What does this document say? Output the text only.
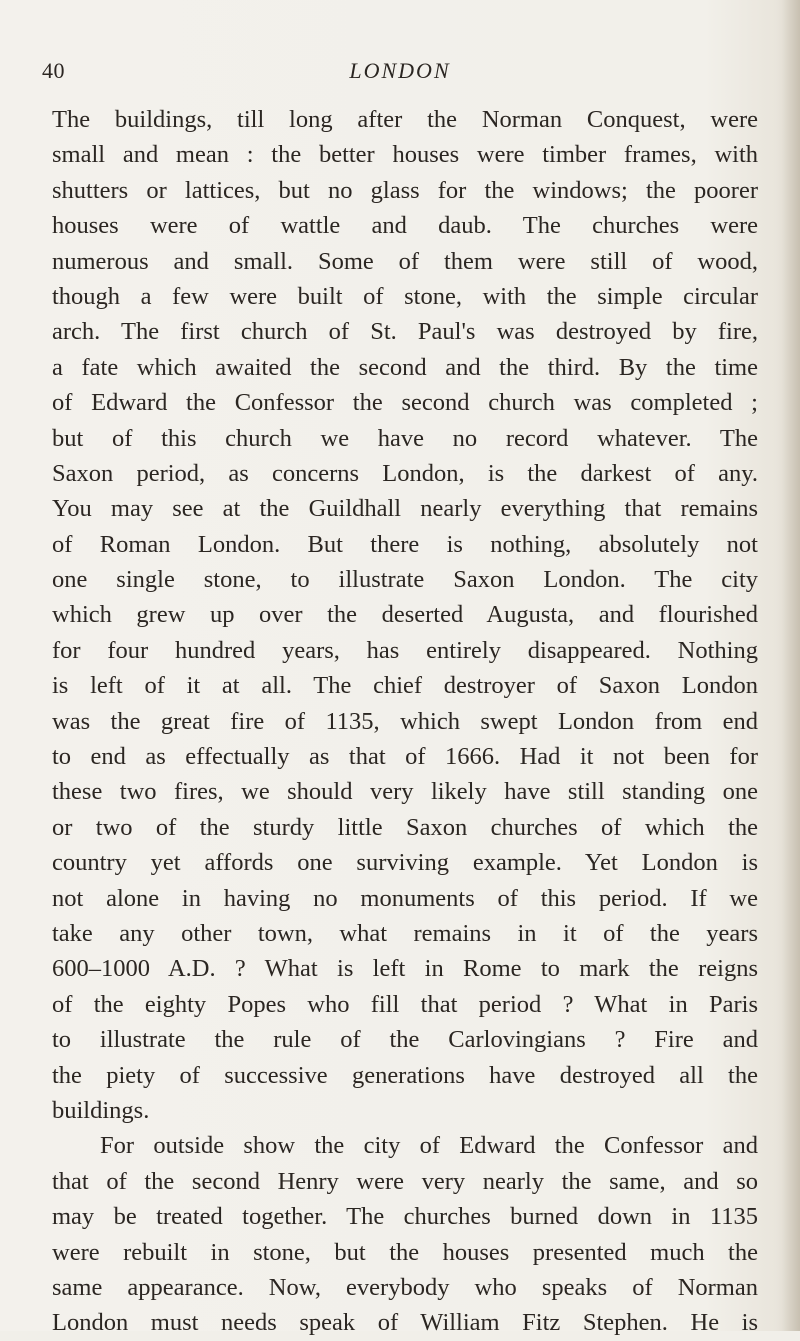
40	LONDON
The buildings, till long after the Norman Conquest, were
small and mean : the better houses were timber frames, with
shutters or lattices, but no glass for the windows; the poorer
houses were of wattle and daub. The churches were
numerous and small. Some of them were still of wood,
though a few were built of stone, with the simple circular
arch. The first church of St. Paul's was destroyed by fire,
a fate which awaited the second and the third. By the time
of Edward the Confessor the second church was completed ;
but of this church we have no record whatever. The
Saxon period, as concerns London, is the darkest of any.
You may see at the Guildhall nearly everything that remains
of Roman London. But there is nothing, absolutely not
one single stone, to illustrate Saxon London. The city
which grew up over the deserted Augusta, and flourished
for four hundred years, has entirely disappeared. Nothing
is left of it at all. The chief destroyer of Saxon London
was the great fire of 1135, which swept London from end
to end as effectually as that of 1666. Had it not been for
these two fires, we should very likely have still standing one
or two of the sturdy little Saxon churches of which the
country yet affords one surviving example. Yet London is
not alone in having no monuments of this period. If we
take any other town, what remains in it of the years
600–1000 A.D. ? What is left in Rome to mark the reigns
of the eighty Popes who fill that period ? What in Paris
to illustrate the rule of the Carlovingians ? Fire and
the piety of successive generations have destroyed all the
buildings.
For outside show the city of Edward the Confessor and
that of the second Henry were very nearly the same, and so
may be treated together. The churches burned down in 1135
were rebuilt in stone, but the houses presented much the
same appearance. Now, everybody who speaks of Norman
London must needs speak of William Fitz Stephen. He is
